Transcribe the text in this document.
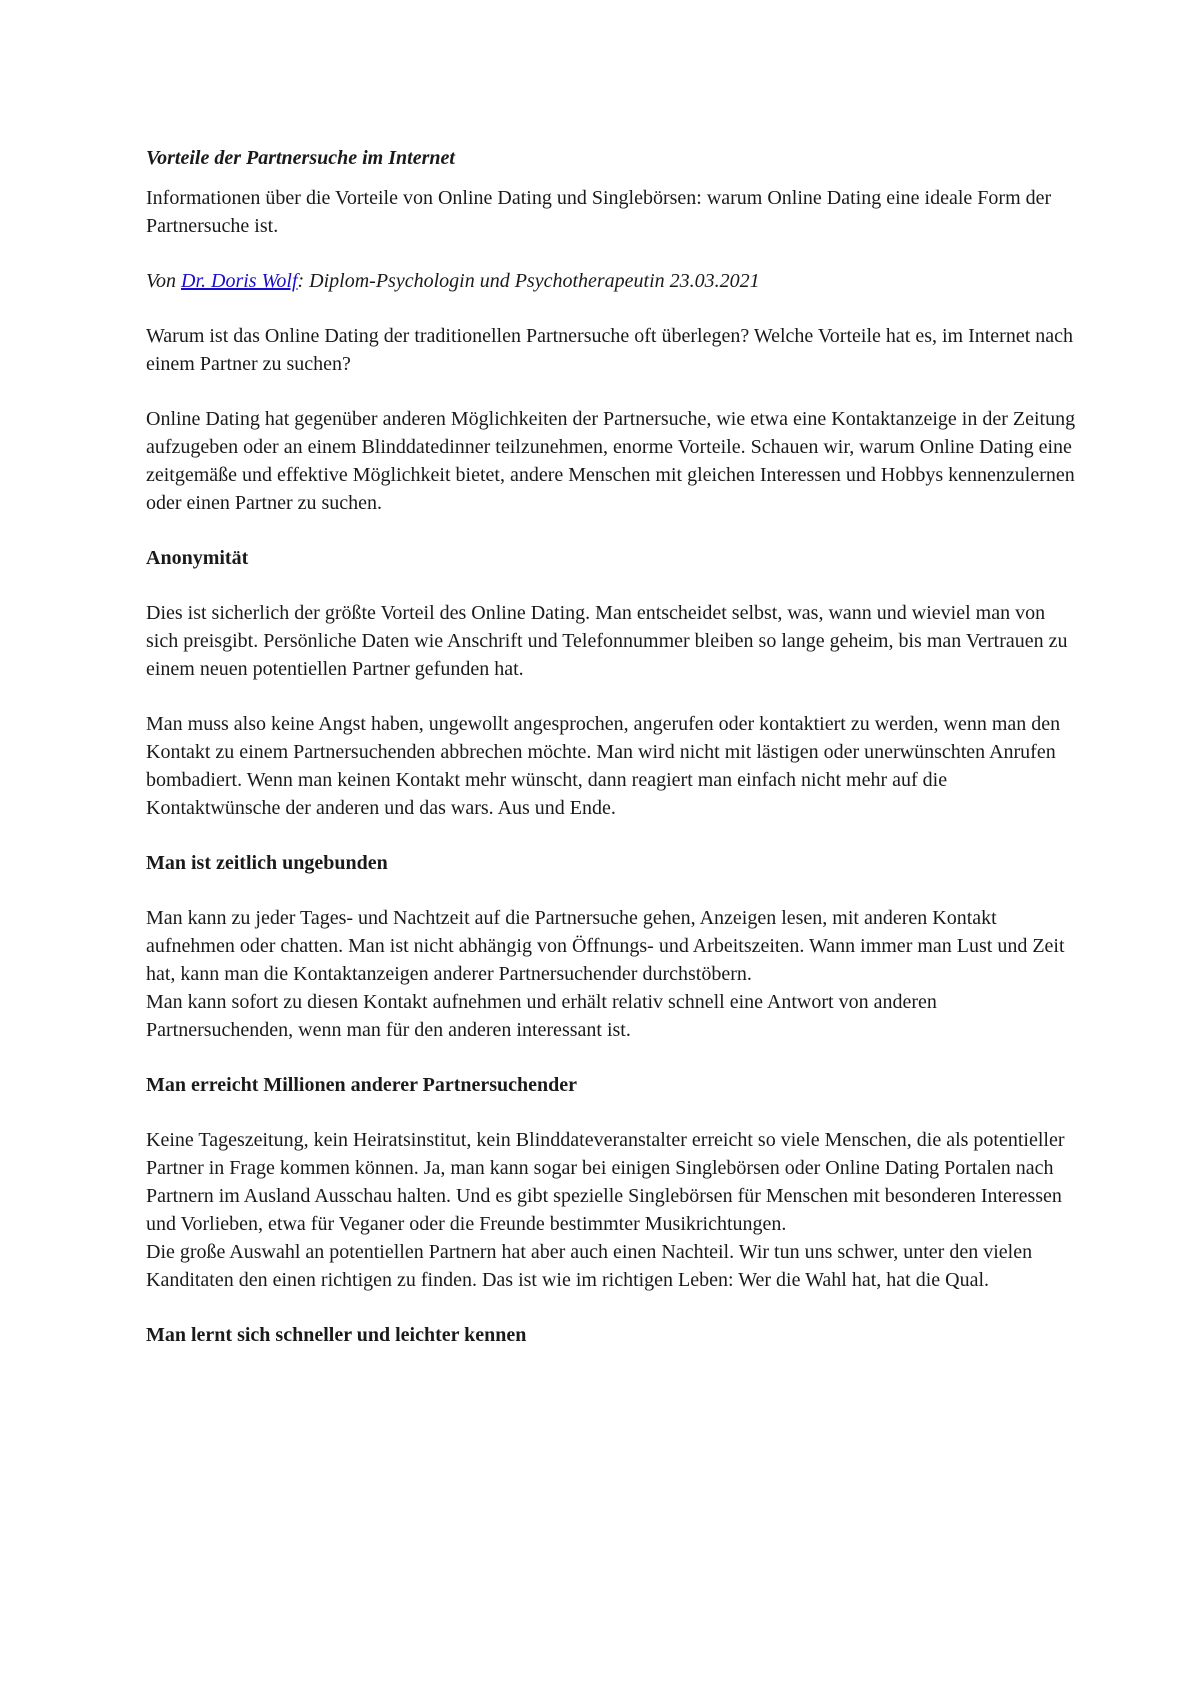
Vorteile der Partnersuche im Internet

Informationen über die Vorteile von Online Dating und Singlebörsen: warum Online Dating eine ideale Form der Partnersuche ist.

Von Dr. Doris Wolf: Diplom-Psychologin und Psychotherapeutin 23.03.2021

Warum ist das Online Dating der traditionellen Partnersuche oft überlegen? Welche Vorteile hat es, im Internet nach einem Partner zu suchen?

Online Dating hat gegenüber anderen Möglichkeiten der Partnersuche, wie etwa eine Kontaktanzeige in der Zeitung aufzugeben oder an einem Blinddatedinner teilzunehmen, enorme Vorteile. Schauen wir, warum Online Dating eine zeitgemäße und effektive Möglichkeit bietet, andere Menschen mit gleichen Interessen und Hobbys kennenzulernen oder einen Partner zu suchen.

Anonymität

Dies ist sicherlich der größte Vorteil des Online Dating. Man entscheidet selbst, was, wann und wieviel man von sich preisgibt. Persönliche Daten wie Anschrift und Telefonnummer bleiben so lange geheim, bis man Vertrauen zu einem neuen potentiellen Partner gefunden hat.

Man muss also keine Angst haben, ungewollt angesprochen, angerufen oder kontaktiert zu werden, wenn man den Kontakt zu einem Partnersuchenden abbrechen möchte. Man wird nicht mit lästigen oder unerwünschten Anrufen bombadiert. Wenn man keinen Kontakt mehr wünscht, dann reagiert man einfach nicht mehr auf die Kontaktwünsche der anderen und das wars. Aus und Ende.

Man ist zeitlich ungebunden

Man kann zu jeder Tages- und Nachtzeit auf die Partnersuche gehen, Anzeigen lesen, mit anderen Kontakt aufnehmen oder chatten. Man ist nicht abhängig von Öffnungs- und Arbeitszeiten. Wann immer man Lust und Zeit hat, kann man die Kontaktanzeigen anderer Partnersuchender durchstöbern.

Man kann sofort zu diesen Kontakt aufnehmen und erhält relativ schnell eine Antwort von anderen Partnersuchenden, wenn man für den anderen interessant ist.

Man erreicht Millionen anderer Partnersuchender

Keine Tageszeitung, kein Heiratsinstitut, kein Blinddateveranstalter erreicht so viele Menschen, die als potentieller Partner in Frage kommen können. Ja, man kann sogar bei einigen Singlebörsen oder Online Dating Portalen nach Partnern im Ausland Ausschau halten. Und es gibt spezielle Singlebörsen für Menschen mit besonderen Interessen und Vorlieben, etwa für Veganer oder die Freunde bestimmter Musikrichtungen.

Die große Auswahl an potentiellen Partnern hat aber auch einen Nachteil. Wir tun uns schwer, unter den vielen Kanditaten den einen richtigen zu finden. Das ist wie im richtigen Leben: Wer die Wahl hat, hat die Qual.

Man lernt sich schneller und leichter kennen
